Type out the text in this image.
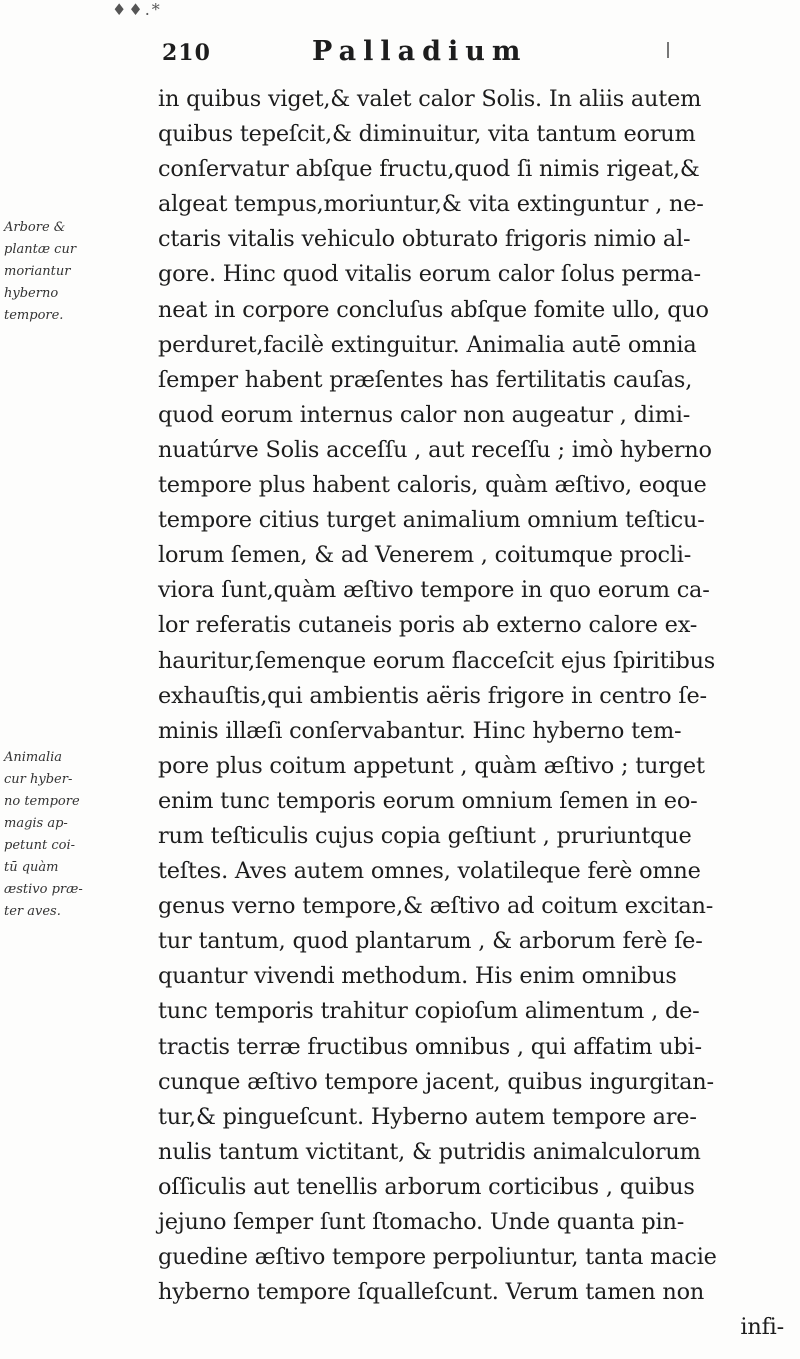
♦♦.*
210	Palladium
Arbore &
plantæ cur
moriantur
hyberno
tempore.
Animalia
cur hyber-
no tempore
magis ap-
petunt coi-
tū quàm
æstivo præ-
ter aves.
in quibus viget,& valet calor Solis. In aliis autem
quibus tepeſcit,& diminuitur, vita tantum eorum
conſervatur abſque fructu,quod ſi nimis rigeat,&
algeat tempus,moriuntur,& vita extinguntur , ne-
ctaris vitalis vehiculo obturato frigoris nimio al-
gore. Hinc quod vitalis eorum calor ſolus perma-
neat in corpore concluſus abſque fomite ullo, quo
perduret,facilè extinguitur. Animalia autē omnia
ſemper habent præſentes has fertilitatis cauſas,
quod eorum internus calor non augeatur , dimi-
nuatúrve Solis acceſſu , aut receſſu ; imò hyberno
tempore plus habent caloris, quàm æſtivo, eoque
tempore citius turget animalium omnium teſticu-
lorum ſemen, & ad Venerem , coitumque procli-
viora ſunt,quàm æſtivo tempore in quo eorum ca-
lor referatis cutaneis poris ab externo calore ex-
hauritur,ſemenque eorum flacceſcit ejus ſpiritibus
exhauſtis,qui ambientis aëris frigore in centro ſe-
minis illæſi conſervabantur. Hinc hyberno tem-
pore plus coitum appetunt , quàm æſtivo ; turget
enim tunc temporis eorum omnium ſemen in eo-
rum teſticulis cujus copia geſtiunt , pruriuntque
teſtes. Aves autem omnes, volatileque ferè omne
genus verno tempore,& æſtivo ad coitum excitan-
tur tantum, quod plantarum , & arborum ferè ſe-
quantur vivendi methodum. His enim omnibus
tunc temporis trahitur copioſum alimentum , de-
tractis terræ fructibus omnibus , qui affatim ubi-
cunque æſtivo tempore jacent, quibus ingurgitan-
tur,& pingueſcunt. Hyberno autem tempore are-
nulis tantum victitant, & putridis animalculorum
oſſiculis aut tenellis arborum corticibus , quibus
jejuno ſemper ſunt ſtomacho. Unde quanta pin-
guedine æſtivo tempore perpoliuntur, tanta macie
hyberno tempore ſqualleſcunt. Verum tamen non
infi-
